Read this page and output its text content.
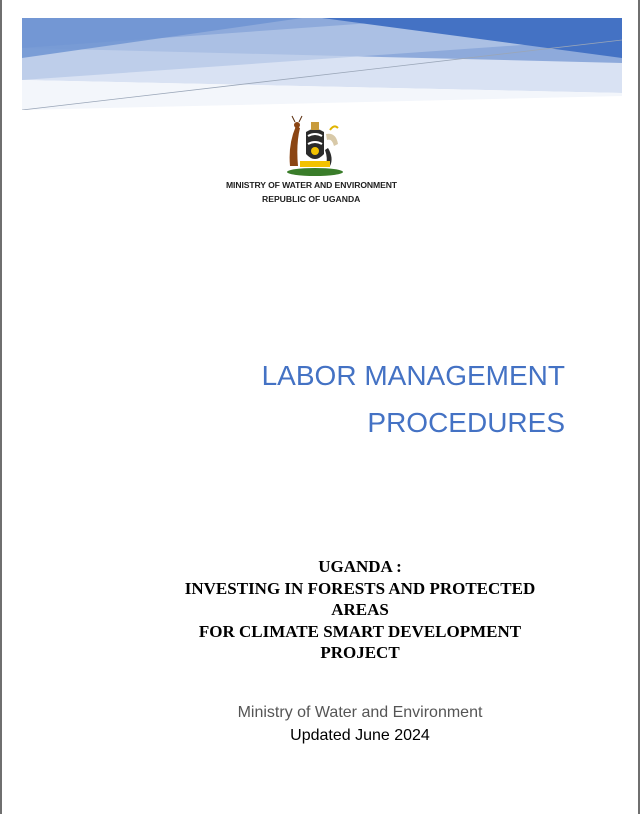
MINISTRY OF WATER AND ENVIRONMENT
REPUBLIC OF UGANDA
LABOR MANAGEMENT
PROCEDURES
UGANDA :
INVESTING IN FORESTS AND PROTECTED
AREAS
FOR CLIMATE SMART DEVELOPMENT
PROJECT
Ministry of Water and Environment
Updated June 2024
